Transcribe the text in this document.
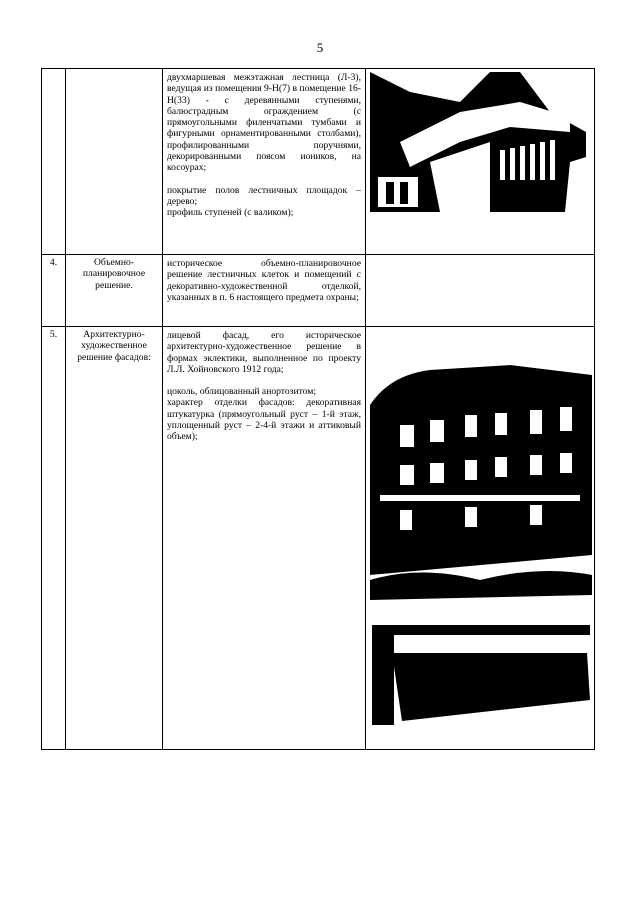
5

		двухмаршевая межэтажная лестница (Л-3), ведущая из помещения 9-Н(7) в помещение 16-Н(33) - с деревянными ступенями, балюстрадным ограждением (с прямоугольными филенчатыми тумбами и фигурными орнаментированными столбами), профилированными поручнями, декорированными поясом иоников, на косоурах;

покрытие полов лестничных площадок – дерево;
профиль ступеней (с валиком);

4.	Объемно-планировочное решение.	историческое объемно-планировочное решение лестничных клеток и помещений с декоративно-художественной отделкой, указанных в п. 6 настоящего предмета охраны;	

5.	Архитектурно-художественное решение фасадов:	лицевой фасад, его историческое архитектурно-художественное решение в формах эклектики, выполненное по проекту Л.Л. Хойновского 1912 года;

цоколь, облицованный анортозитом;
характер отделки фасадов: декоративная штукатурка (прямоугольный руст – 1-й этаж, уплощенный руст – 2-4-й этажи и аттиковый объем);
